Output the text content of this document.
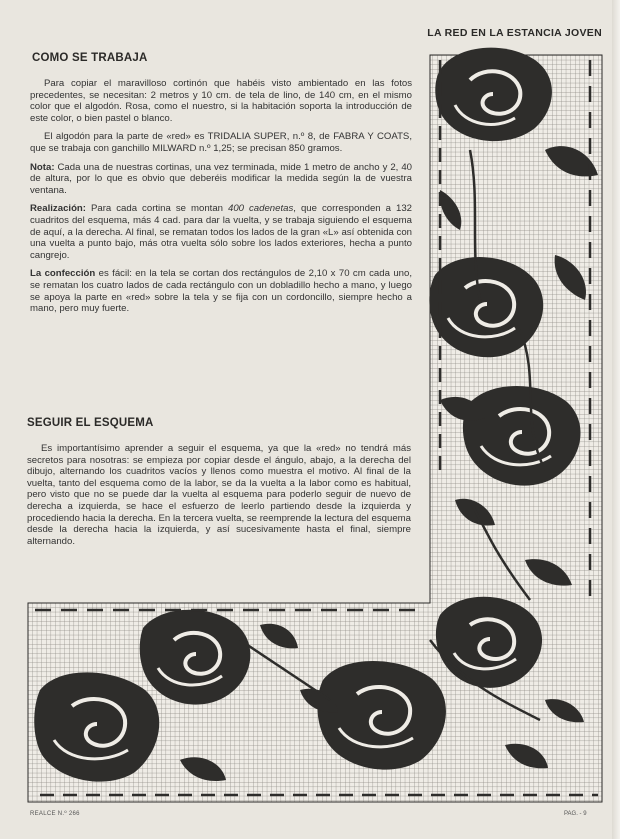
LA RED EN LA ESTANCIA JOVEN
COMO SE TRABAJA

Para copiar el maravilloso cortinón que habéis visto ambientado en las fotos precedentes, se necesitan: 2 metros y 10 cm. de tela de lino, de 140 cm, en el mismo color que el algodón. Rosa, como el nuestro, si la habitación soporta la introducción de este color, o bien pastel o blanco.

El algodón para la parte de «red» es TRIDALIA SUPER, n.º 8, de FABRA Y COATS, que se trabaja con ganchillo MILWARD n.º 1,25; se precisan 850 gramos.

Nota: Cada una de nuestras cortinas, una vez terminada, mide 1 metro de ancho y 2, 40 de altura, por lo que es obvio que deberéis modificar la medida según la de vuestra ventana.

Realización: Para cada cortina se montan 400 cadenetas, que corresponden a 132 cuadritos del esquema, más 4 cad. para dar la vuelta, y se trabaja siguiendo el esquema de aquí, a la derecha. Al final, se rematan todos los lados de la gran «L» así obtenida con una vuelta a punto bajo, más otra vuelta sólo sobre los lados exteriores, hecha a punto cangrejo.

La confección es fácil: en la tela se cortan dos rectángulos de 2,10 x 70 cm cada uno, se rematan los cuatro lados de cada rectángulo con un dobladillo hecho a mano, y luego se apoya la parte en «red» sobre la tela y se fija con un cordoncillo, siempre hecho a mano, pero muy fuerte.

SEGUIR EL ESQUEMA

Es importantísimo aprender a seguir el esquema, ya que la «red» no tendrá más secretos para nosotras: se empieza por copiar desde el ángulo, abajo, a la derecha del dibujo, alternando los cuadritos vacíos y llenos como muestra el motivo. Al final de la vuelta, tanto del esquema como de la labor, se da la vuelta a la labor como es habitual, pero visto que no se puede dar la vuelta al esquema para poderlo seguir de nuevo de derecha a izquierda, se hace el esfuerzo de leerlo partiendo desde la izquierda y procediendo hacia la derecha. En la tercera vuelta, se reemprende la lectura del esquema desde la derecha hacia la izquierda, y así sucesivamente hasta el final, siempre alternando.

REALCE N.º 266	PAG. - 9
